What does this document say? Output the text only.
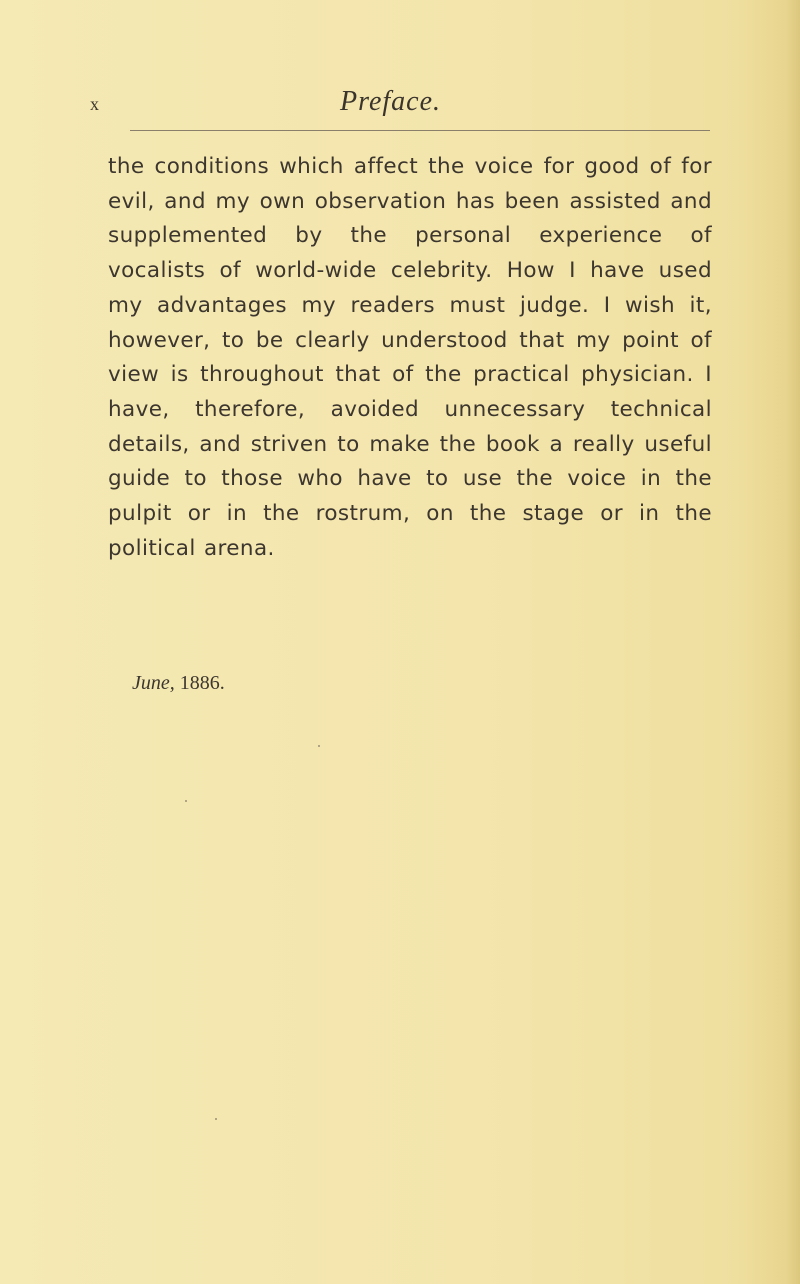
x	Preface.

the conditions which affect the voice for good of for evil, and my own observation has been assisted and supplemented by the personal experience of vocalists of world-wide celebrity. How I have used my advantages my readers must judge. I wish it, however, to be clearly understood that my point of view is throughout that of the practical physician. I have, therefore, avoided unnecessary technical details, and striven to make the book a really useful guide to those who have to use the voice in the pulpit or in the rostrum, on the stage or in the political arena.

June, 1886.
